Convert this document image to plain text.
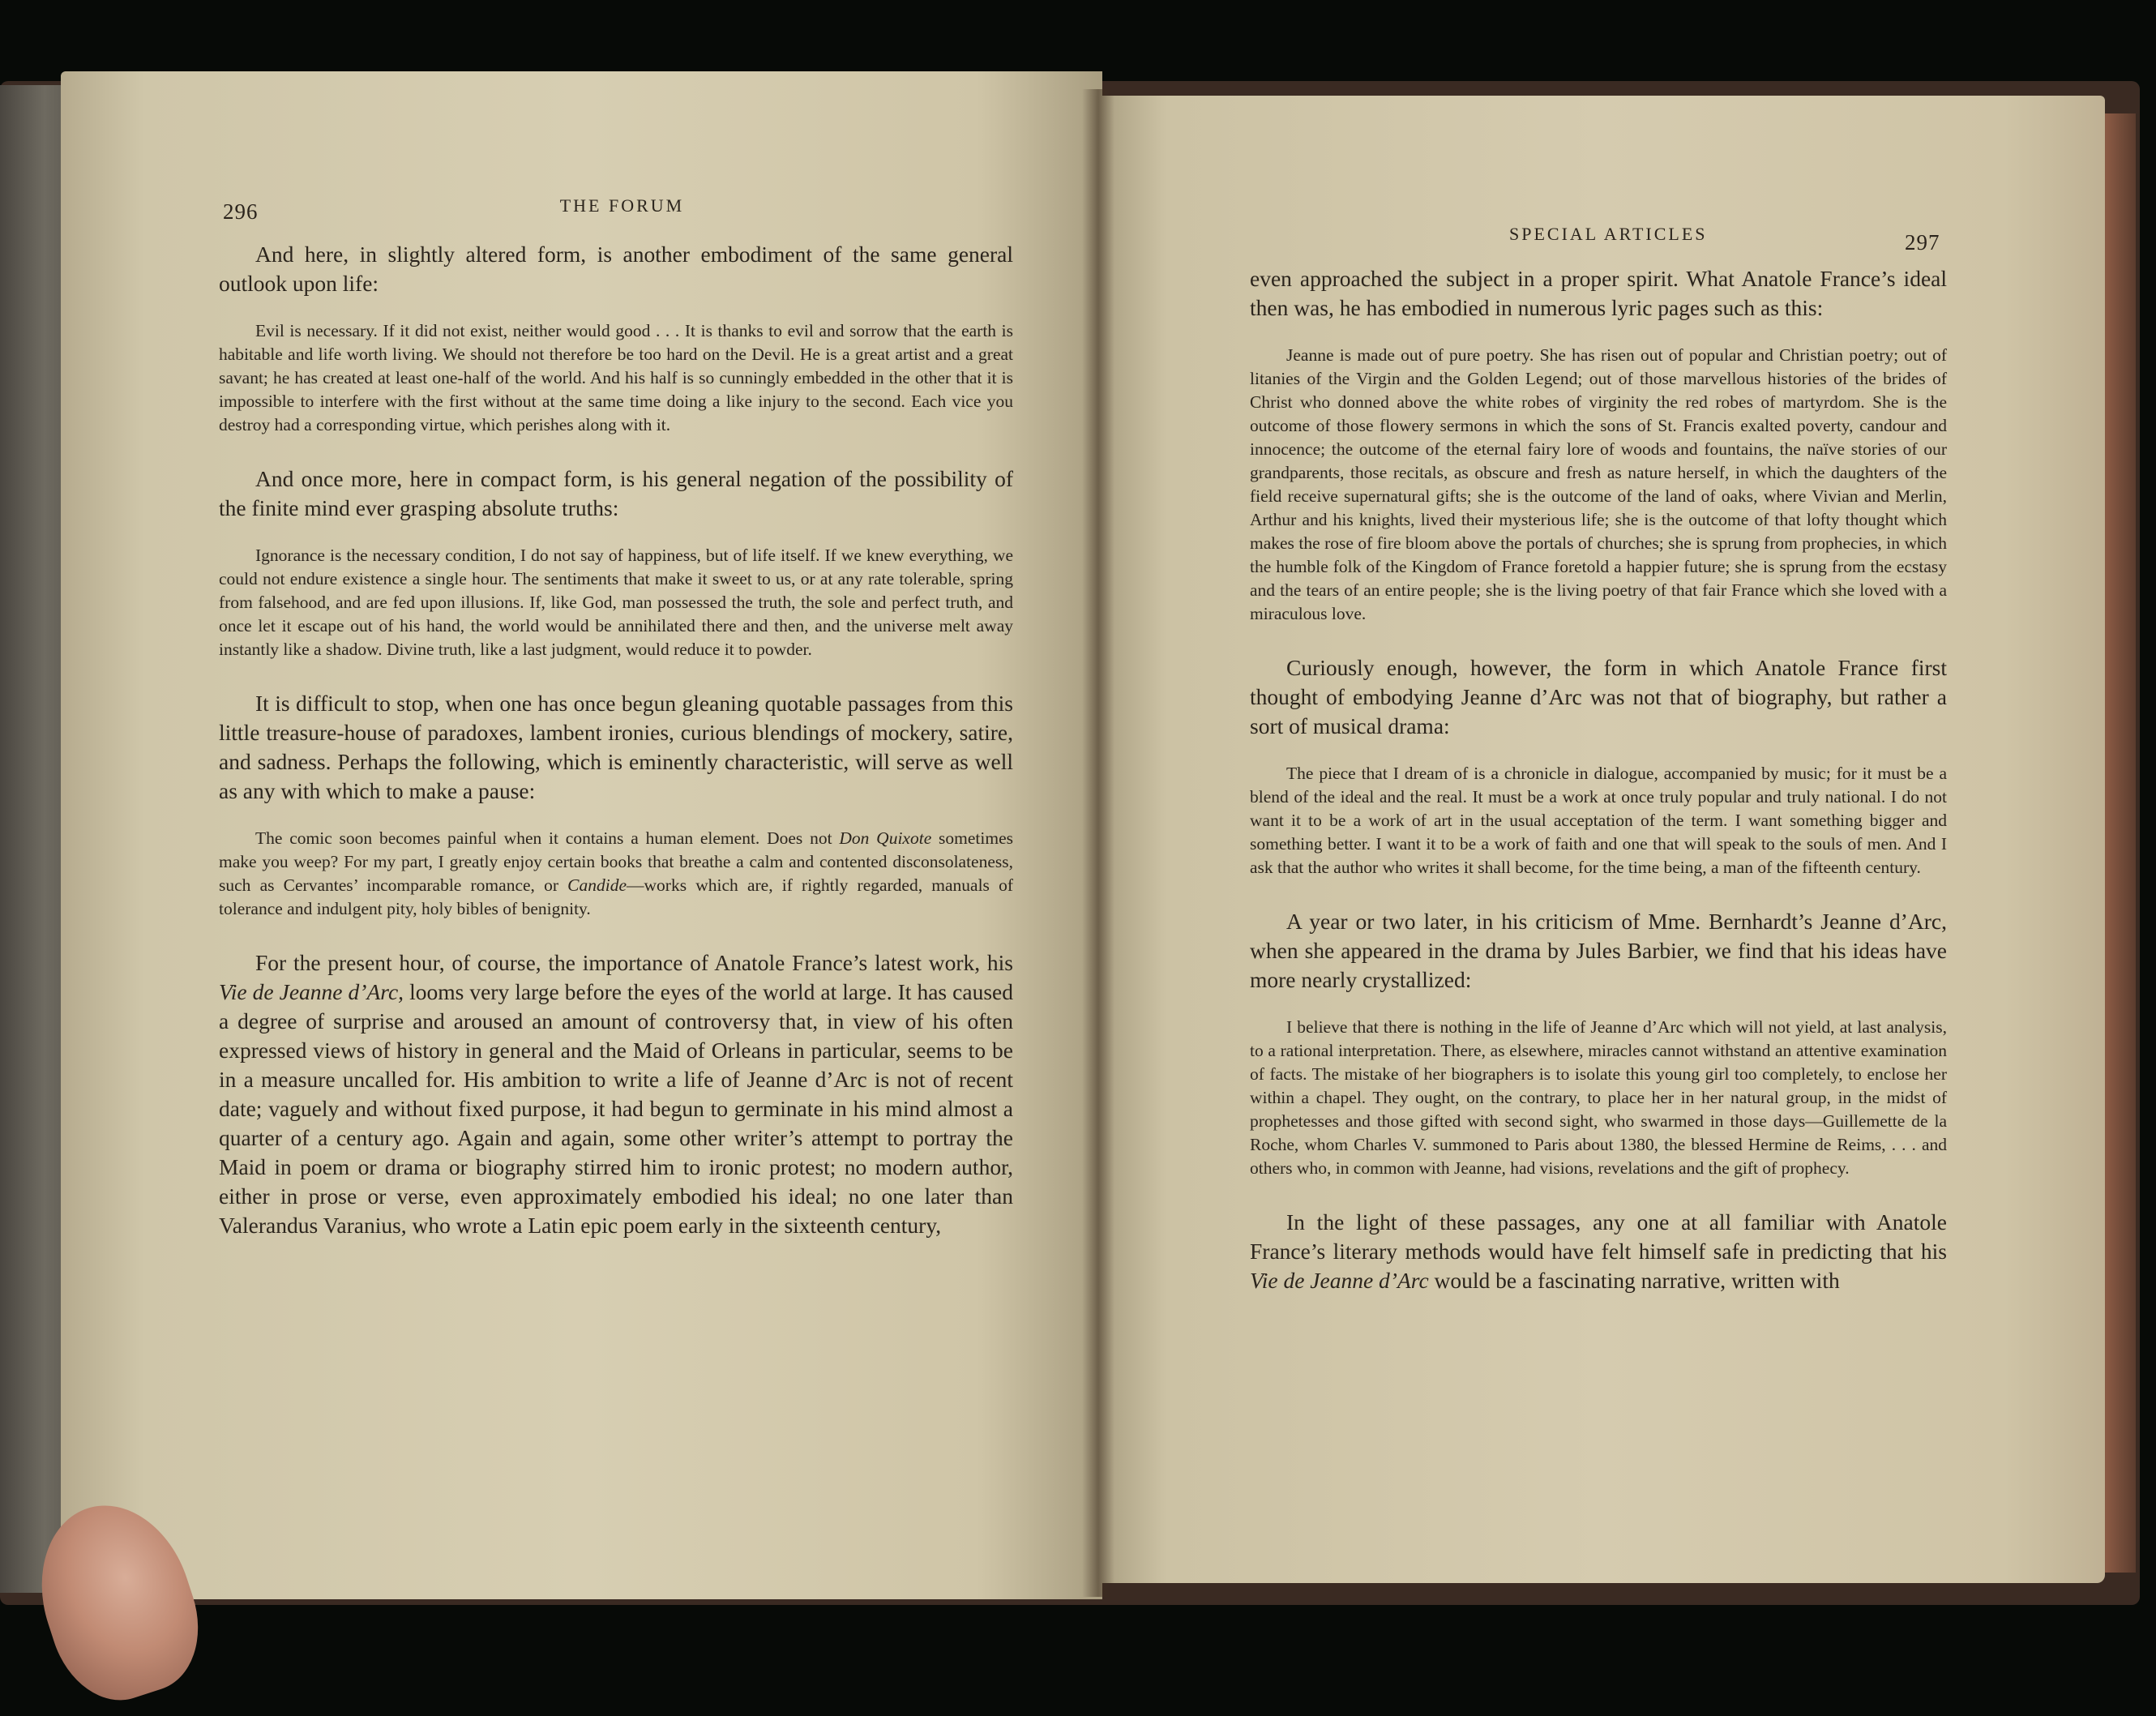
296	THE FORUM

And here, in slightly altered form, is another embodiment of the same general outlook upon life:

Evil is necessary. If it did not exist, neither would good . . . It is thanks to evil and sorrow that the earth is habitable and life worth living. We should not therefore be too hard on the Devil. He is a great artist and a great savant; he has created at least one-half of the world. And his half is so cunningly embedded in the other that it is impossible to interfere with the first without at the same time doing a like injury to the second. Each vice you destroy had a corresponding virtue, which perishes along with it.

And once more, here in compact form, is his general negation of the possibility of the finite mind ever grasping absolute truths:

Ignorance is the necessary condition, I do not say of happiness, but of life itself. If we knew everything, we could not endure existence a single hour. The sentiments that make it sweet to us, or at any rate tolerable, spring from falsehood, and are fed upon illusions. If, like God, man possessed the truth, the sole and perfect truth, and once let it escape out of his hand, the world would be annihilated there and then, and the universe melt away instantly like a shadow. Divine truth, like a last judgment, would reduce it to powder.

It is difficult to stop, when one has once begun gleaning quotable passages from this little treasure-house of paradoxes, lambent ironies, curious blendings of mockery, satire, and sadness. Perhaps the following, which is eminently characteristic, will serve as well as any with which to make a pause:

The comic soon becomes painful when it contains a human element. Does not Don Quixote sometimes make you weep? For my part, I greatly enjoy certain books that breathe a calm and contented disconsolateness, such as Cervantes’ incomparable romance, or Candide—works which are, if rightly regarded, manuals of tolerance and indulgent pity, holy bibles of benignity.

For the present hour, of course, the importance of Anatole France’s latest work, his Vie de Jeanne d’Arc, looms very large before the eyes of the world at large. It has caused a degree of surprise and aroused an amount of controversy that, in view of his often expressed views of history in general and the Maid of Orleans in particular, seems to be in a measure uncalled for. His ambition to write a life of Jeanne d’Arc is not of recent date; vaguely and without fixed purpose, it had begun to germinate in his mind almost a quarter of a century ago. Again and again, some other writer’s attempt to portray the Maid in poem or drama or biography stirred him to ironic protest; no modern author, either in prose or verse, even approximately embodied his ideal; no one later than Valerandus Varanius, who wrote a Latin epic poem early in the sixteenth century,

SPECIAL ARTICLES	297

even approached the subject in a proper spirit. What Anatole France’s ideal then was, he has embodied in numerous lyric pages such as this:

Jeanne is made out of pure poetry. She has risen out of popular and Christian poetry; out of litanies of the Virgin and the Golden Legend; out of those marvellous histories of the brides of Christ who donned above the white robes of virginity the red robes of martyrdom. She is the outcome of those flowery sermons in which the sons of St. Francis exalted poverty, candour and innocence; the outcome of the eternal fairy lore of woods and fountains, the naïve stories of our grandparents, those recitals, as obscure and fresh as nature herself, in which the daughters of the field receive supernatural gifts; she is the outcome of the land of oaks, where Vivian and Merlin, Arthur and his knights, lived their mysterious life; she is the outcome of that lofty thought which makes the rose of fire bloom above the portals of churches; she is sprung from prophecies, in which the humble folk of the Kingdom of France foretold a happier future; she is sprung from the ecstasy and the tears of an entire people; she is the living poetry of that fair France which she loved with a miraculous love.

Curiously enough, however, the form in which Anatole France first thought of embodying Jeanne d’Arc was not that of biography, but rather a sort of musical drama:

The piece that I dream of is a chronicle in dialogue, accompanied by music; for it must be a blend of the ideal and the real. It must be a work at once truly popular and truly national. I do not want it to be a work of art in the usual acceptation of the term. I want something bigger and something better. I want it to be a work of faith and one that will speak to the souls of men. And I ask that the author who writes it shall become, for the time being, a man of the fifteenth century.

A year or two later, in his criticism of Mme. Bernhardt’s Jeanne d’Arc, when she appeared in the drama by Jules Barbier, we find that his ideas have more nearly crystallized:

I believe that there is nothing in the life of Jeanne d’Arc which will not yield, at last analysis, to a rational interpretation. There, as elsewhere, miracles cannot withstand an attentive examination of facts. The mistake of her biographers is to isolate this young girl too completely, to enclose her within a chapel. They ought, on the contrary, to place her in her natural group, in the midst of prophetesses and those gifted with second sight, who swarmed in those days—Guillemette de la Roche, whom Charles V. summoned to Paris about 1380, the blessed Hermine de Reims, . . . and others who, in common with Jeanne, had visions, revelations and the gift of prophecy.

In the light of these passages, any one at all familiar with Anatole France’s literary methods would have felt himself safe in predicting that his Vie de Jeanne d’Arc would be a fascinating narrative, written with
